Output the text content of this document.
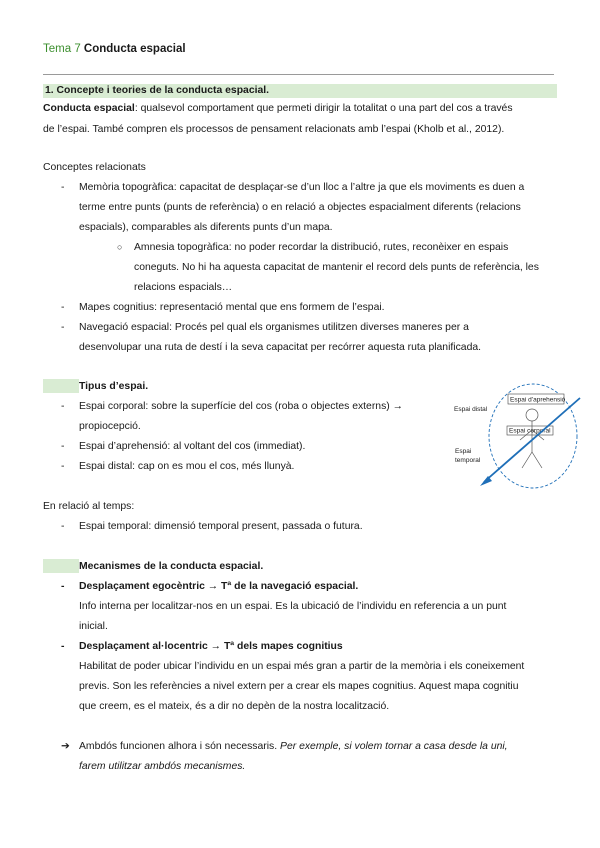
Tema 7 Conducta espacial
1. Concepte i teories de la conducta espacial.
Conducta espacial: qualsevol comportament que permeti dirigir la totalitat o una part del cos a través
de l’espai. També compren els processos de pensament relacionats amb l’espai (Kholb et al., 2012).
Conceptes relacionats
- Memòria topogràfica: capacitat de desplaçar-se d’un lloc a l’altre ja que els moviments es duen a
terme entre punts (punts de referència) o en relació a objectes espacialment diferents (relacions
espacials), comparables als diferents punts d’un mapa.
○ Amnesia topogràfica: no poder recordar la distribució, rutes, reconèixer en espais
coneguts. No hi ha aquesta capacitat de mantenir el record dels punts de referència, les
relacions espacials…
- Mapes cognitius: representació mental que ens formem de l’espai.
- Navegació espacial: Procés pel qual els organismes utilitzen diverses maneres per a
desenvolupar una ruta de destí i la seva capacitat per recórrer aquesta ruta planificada.
Tipus d’espai.
- Espai corporal: sobre la superfície del cos (roba o objectes externs) →
propiocepció.
- Espai d’aprehensió: al voltant del cos (immediat).
- Espai distal: cap on es mou el cos, més llunyà.
Espai d’aprehensió
Espai distal
Espai corporal
Espai
temporal
En relació al temps:
- Espai temporal: dimensió temporal present, passada o futura.
Mecanismes de la conducta espacial.
- Desplaçament egocèntric → Tª de la navegació espacial.
Info interna per localitzar-nos en un espai. Es la ubicació de l’individu en referencia a un punt
inicial.
- Desplaçament al·locentric → Tª dels mapes cognitius
Habilitat de poder ubicar l’individu en un espai més gran a partir de la memòria i els coneixement
previs. Son les referències a nivel extern per a crear els mapes cognitius. Aquest mapa cognitiu
que creem, es el mateix, és a dir no depèn de la nostra localització.
➔ Ambdós funcionen alhora i són necessaris. Per exemple, si volem tornar a casa desde la uni,
farem utilitzar ambdós mecanismes.
